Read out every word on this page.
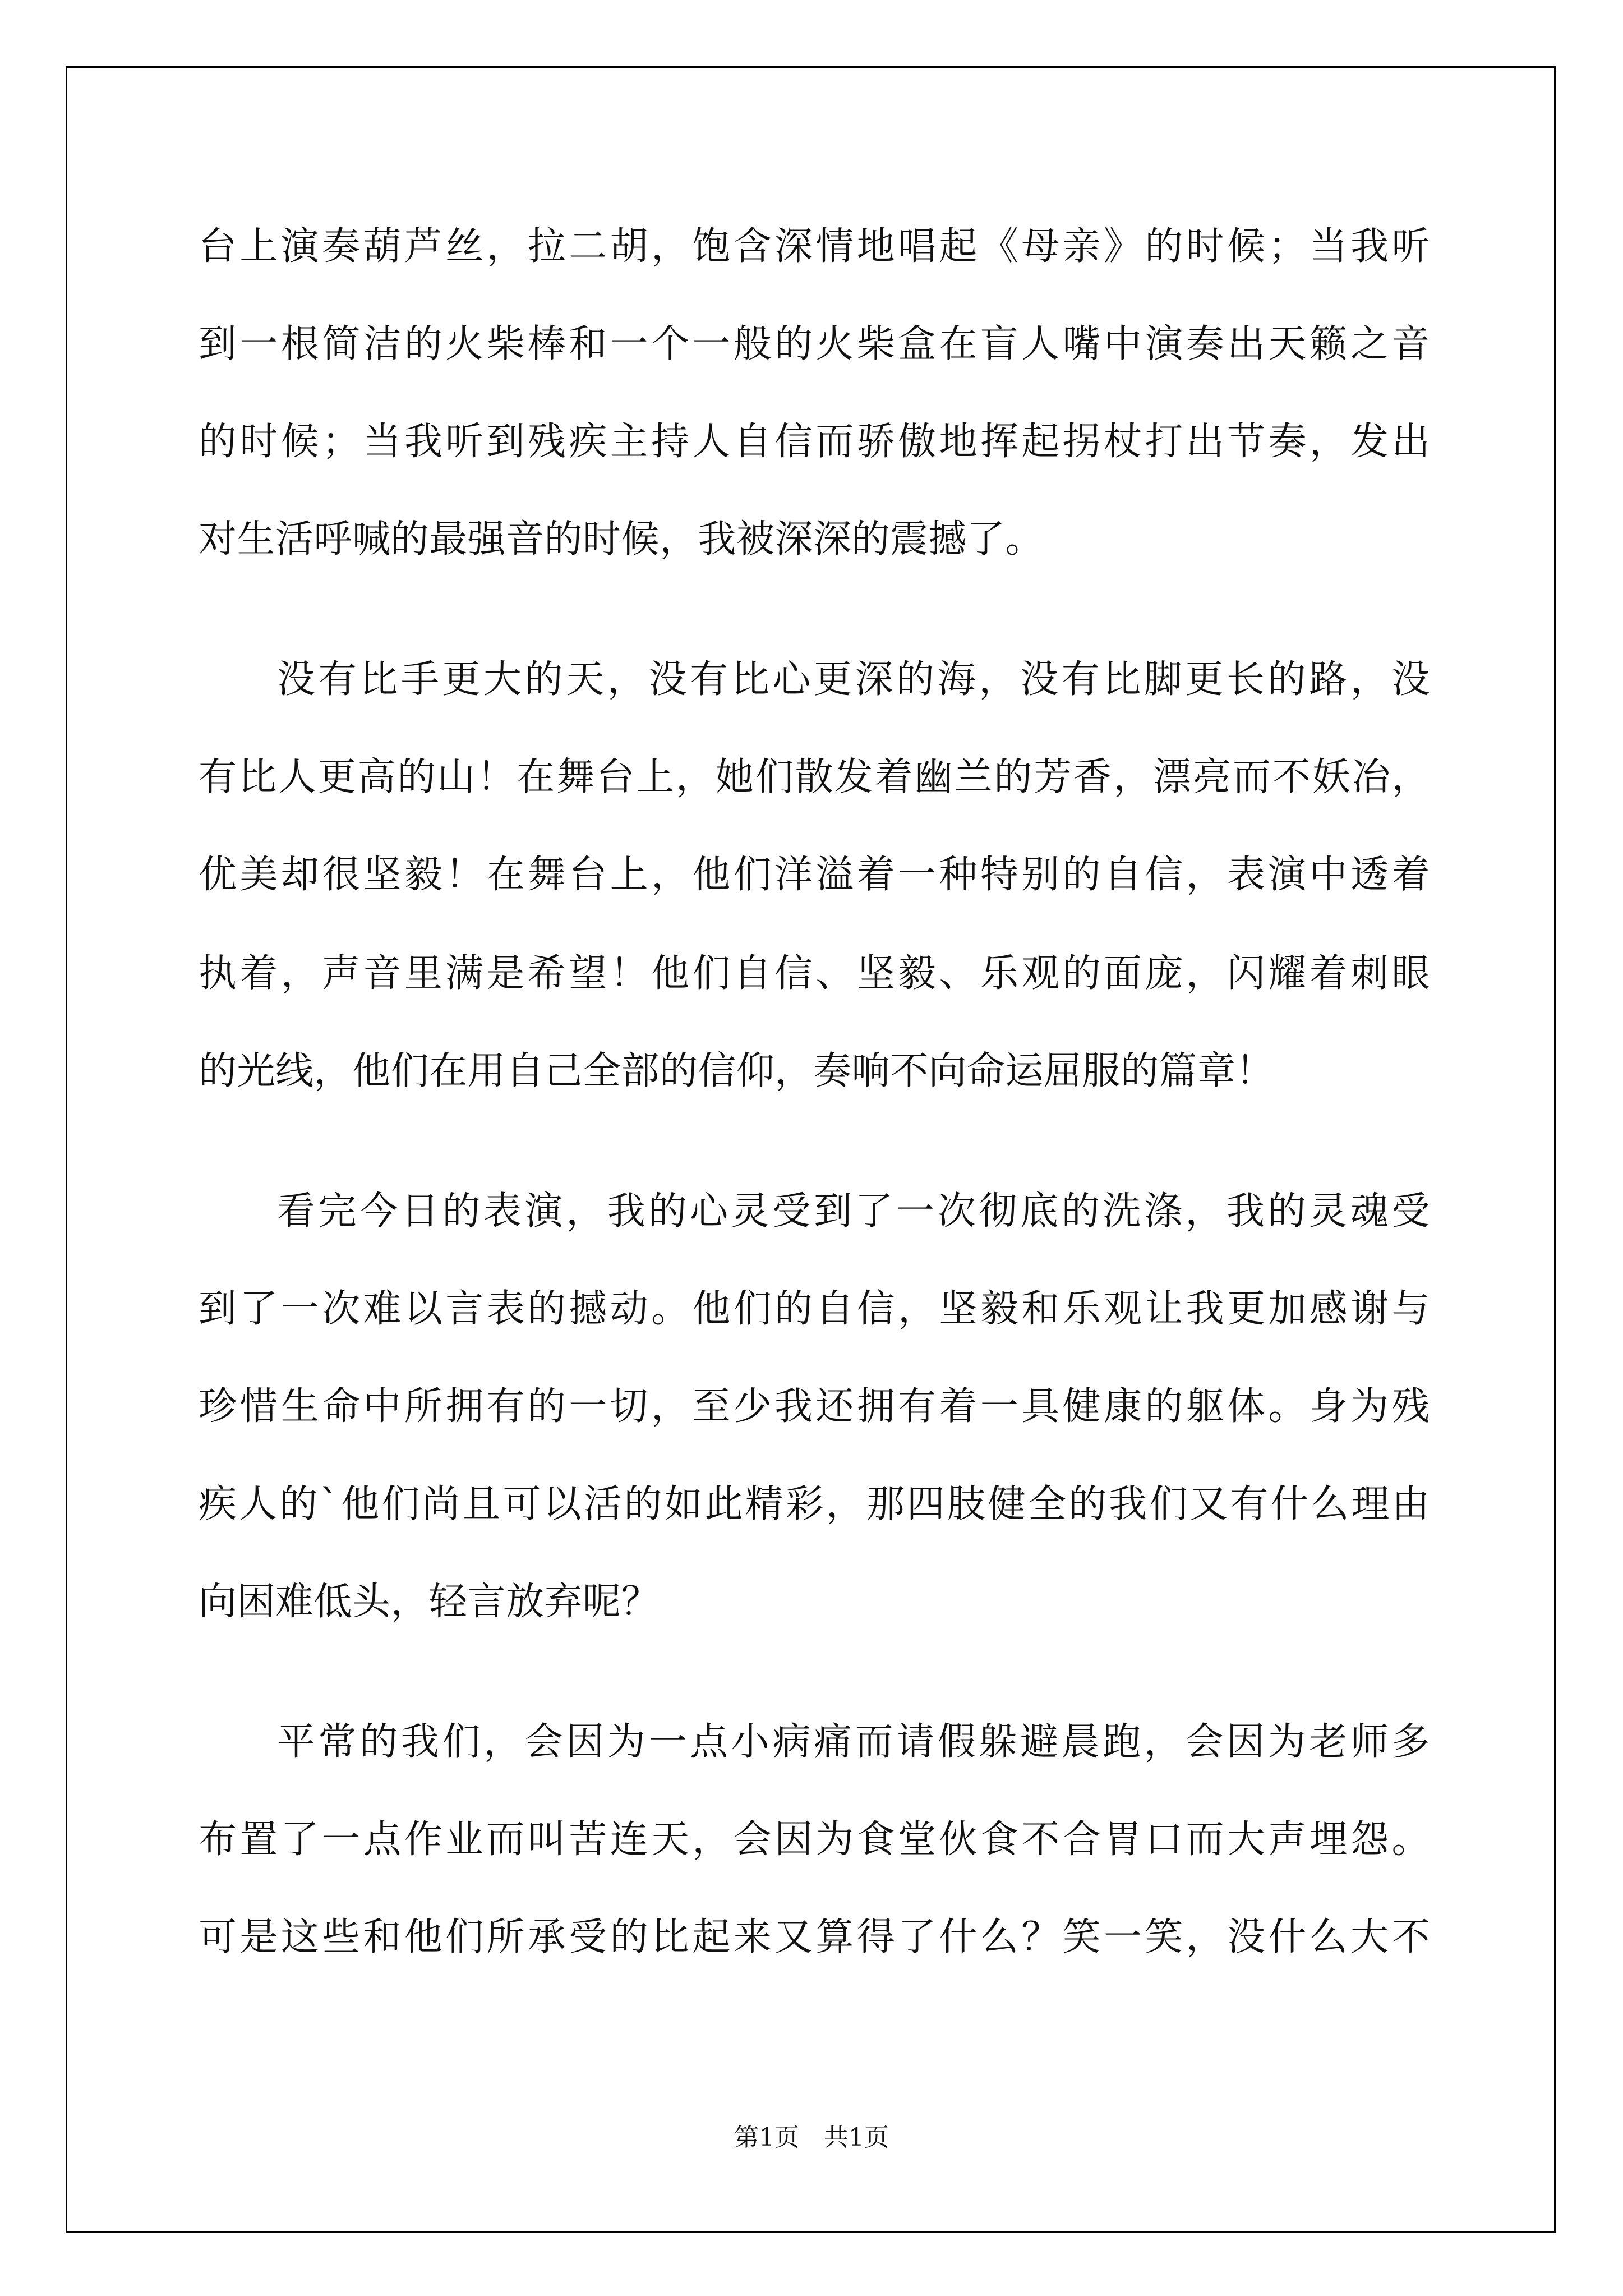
台上演奏葫芦丝，拉二胡，饱含深情地唱起《母亲》的时候；当我听
到一根简洁的火柴棒和一个一般的火柴盒在盲人嘴中演奏出天籁之音
的时候；当我听到残疾主持人自信而骄傲地挥起拐杖打出节奏，发出
对生活呼喊的最强音的时候，我被深深的震撼了。
没有比手更大的天，没有比心更深的海，没有比脚更长的路，没
有比人更高的山！在舞台上，她们散发着幽兰的芳香，漂亮而不妖冶，
优美却很坚毅！在舞台上，他们洋溢着一种特别的自信，表演中透着
执着，声音里满是希望！他们自信、坚毅、乐观的面庞，闪耀着刺眼
的光线，他们在用自己全部的信仰，奏响不向命运屈服的篇章！
看完今日的表演，我的心灵受到了一次彻底的洗涤，我的灵魂受
到了一次难以言表的撼动。他们的自信，坚毅和乐观让我更加感谢与
珍惜生命中所拥有的一切，至少我还拥有着一具健康的躯体。身为残
疾人的`他们尚且可以活的如此精彩，那四肢健全的我们又有什么理由
向困难低头，轻言放弃呢？
平常的我们，会因为一点小病痛而请假躲避晨跑，会因为老师多
布置了一点作业而叫苦连天，会因为食堂伙食不合胃口而大声埋怨。
可是这些和他们所承受的比起来又算得了什么？笑一笑，没什么大不
第1页　共1页
